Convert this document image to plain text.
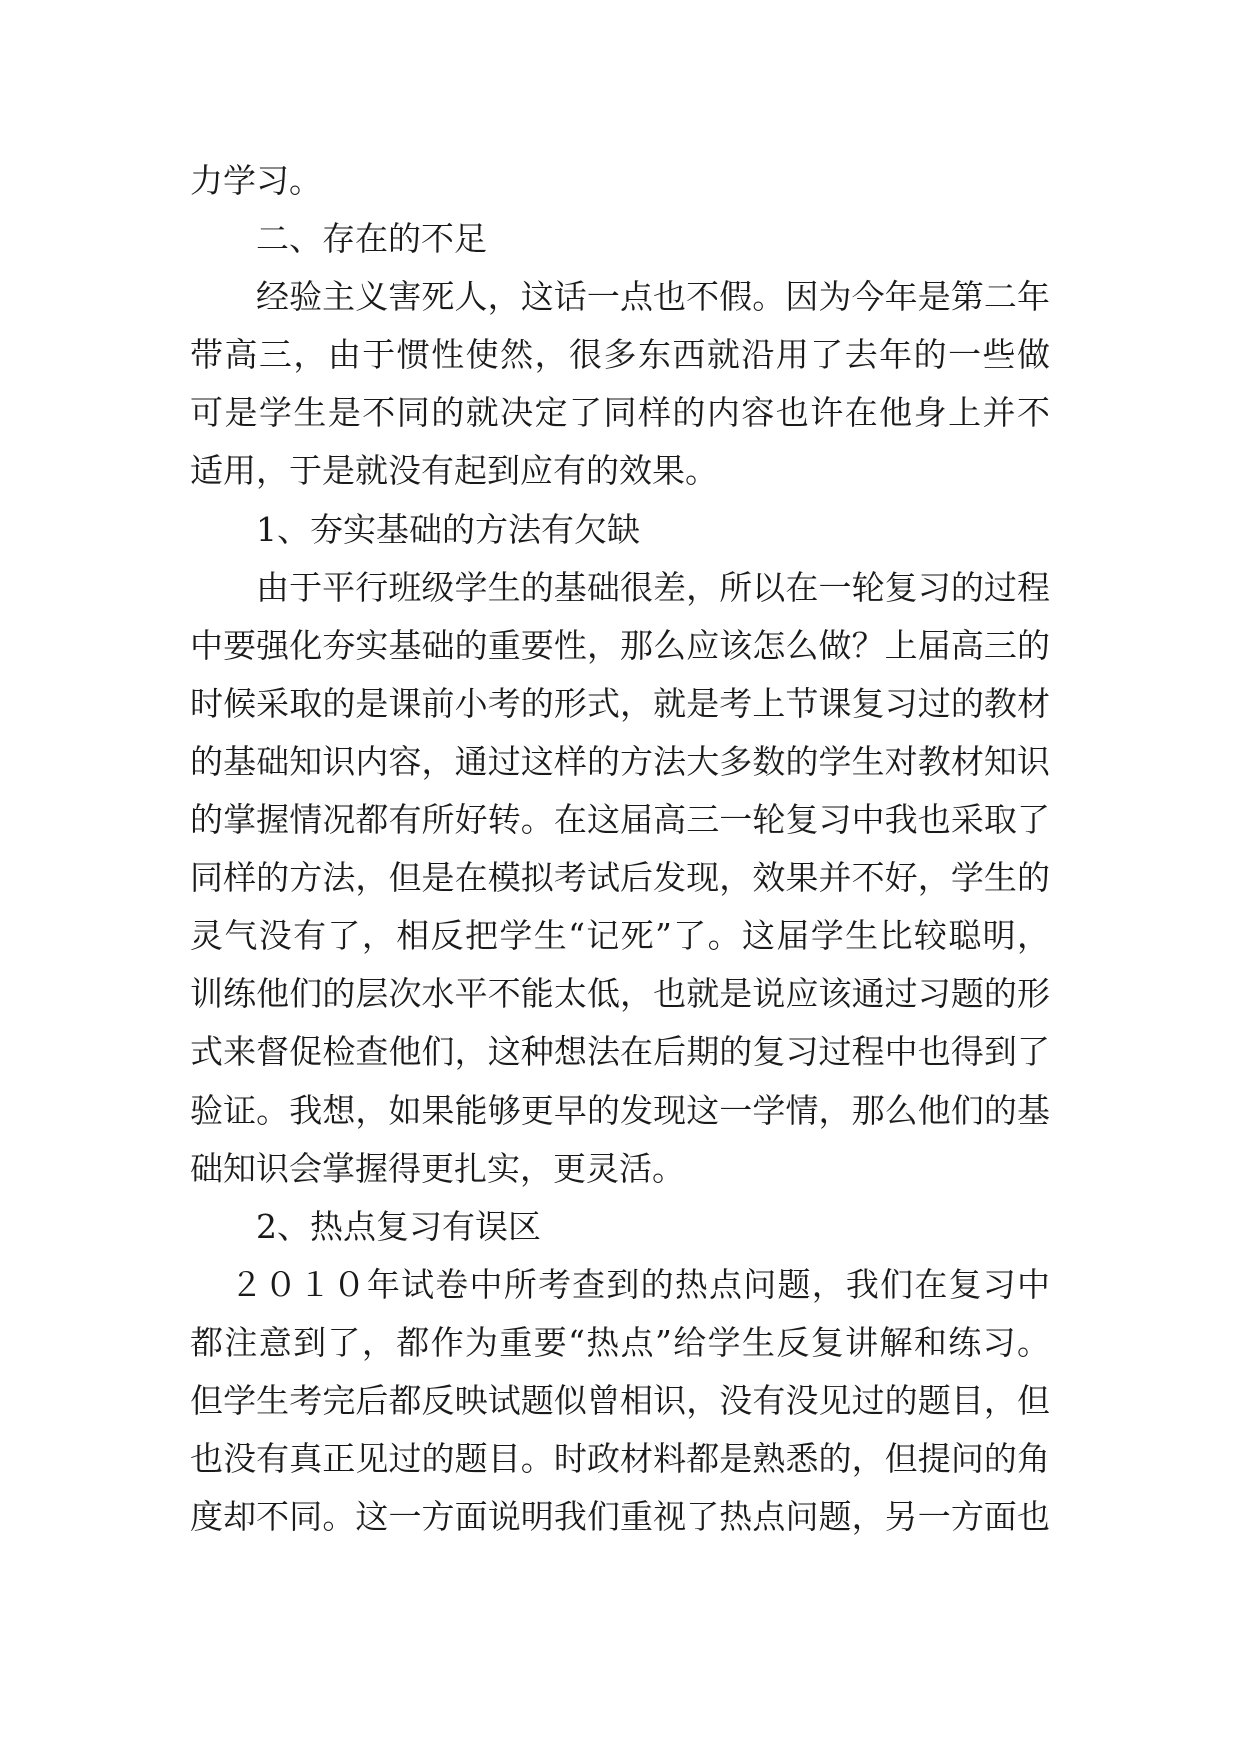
力学习。
二、存在的不足
经验主义害死人，这话一点也不假。因为今年是第二年
带高三，由于惯性使然，很多东西就沿用了去年的一些做
可是学生是不同的就决定了同样的内容也许在他身上并不
适用，于是就没有起到应有的效果。
1、夯实基础的方法有欠缺
由于平行班级学生的基础很差，所以在一轮复习的过程
中要强化夯实基础的重要性，那么应该怎么做？上届高三的
时候采取的是课前小考的形式，就是考上节课复习过的教材
的基础知识内容，通过这样的方法大多数的学生对教材知识
的掌握情况都有所好转。在这届高三一轮复习中我也采取了
同样的方法，但是在模拟考试后发现，效果并不好，学生的
灵气没有了，相反把学生“记死”了。这届学生比较聪明，
训练他们的层次水平不能太低，也就是说应该通过习题的形
式来督促检查他们，这种想法在后期的复习过程中也得到了
验证。我想，如果能够更早的发现这一学情，那么他们的基
础知识会掌握得更扎实，更灵活。
2、热点复习有误区
２０１０年试卷中所考查到的热点问题，我们在复习中
都注意到了，都作为重要“热点”给学生反复讲解和练习。
但学生考完后都反映试题似曾相识，没有没见过的题目，但
也没有真正见过的题目。时政材料都是熟悉的，但提问的角
度却不同。这一方面说明我们重视了热点问题，另一方面也
